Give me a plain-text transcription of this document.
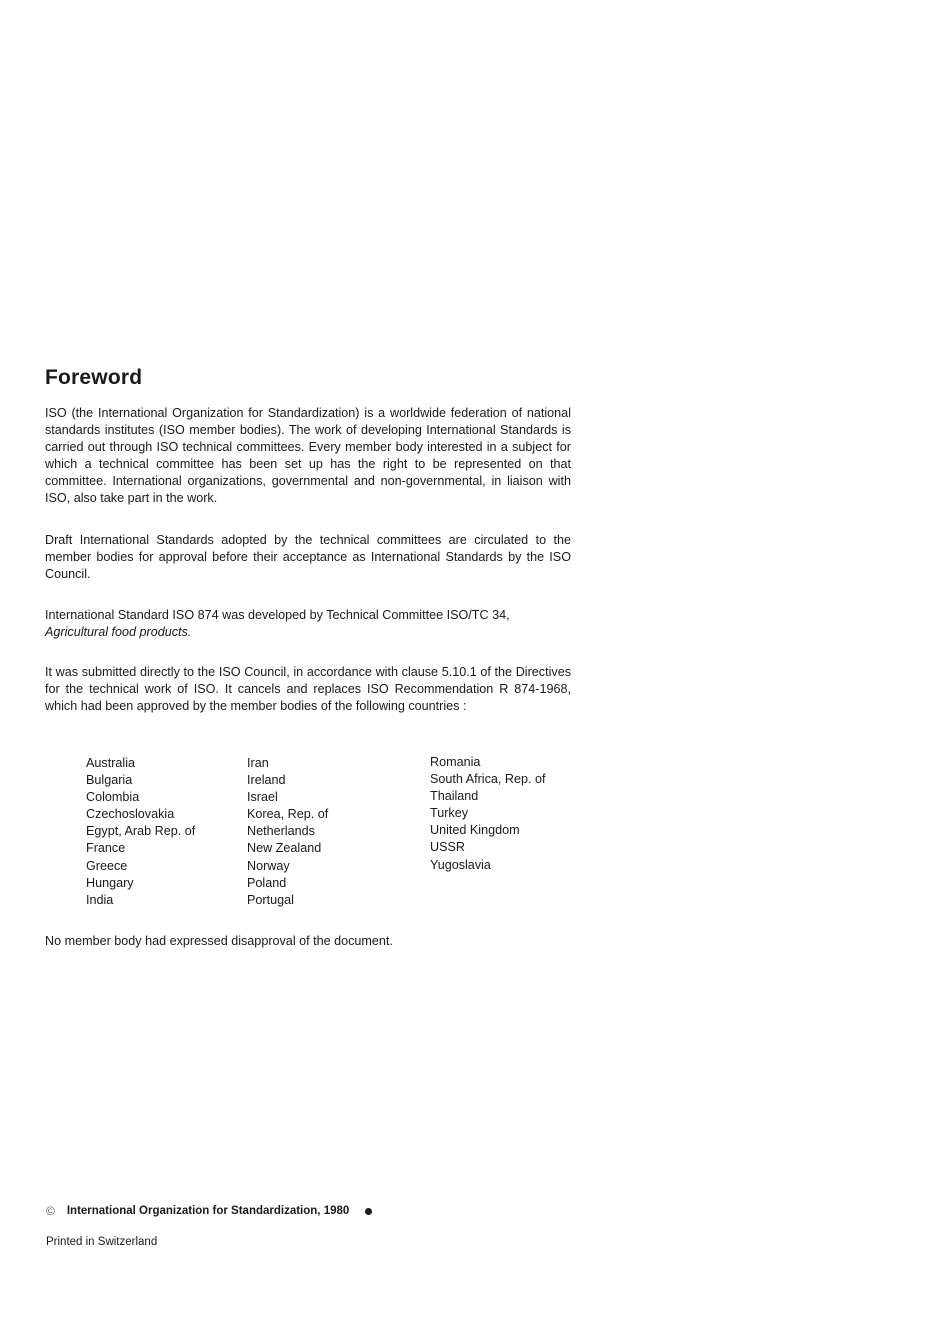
Foreword

ISO (the International Organization for Standardization) is a worldwide federation of national standards institutes (ISO member bodies). The work of developing International Standards is carried out through ISO technical committees. Every member body interested in a subject for which a technical committee has been set up has the right to be represented on that committee. International organizations, governmental and non-governmental, in liaison with ISO, also take part in the work.

Draft International Standards adopted by the technical committees are circulated to the member bodies for approval before their acceptance as International Standards by the ISO Council.

International Standard ISO 874 was developed by Technical Committee ISO/TC 34,
Agricultural food products.

It was submitted directly to the ISO Council, in accordance with clause 5.10.1 of the Directives for the technical work of ISO. It cancels and replaces ISO Recommendation R 874-1968, which had been approved by the member bodies of the following countries :

Australia
Bulgaria
Colombia
Czechoslovakia
Egypt, Arab Rep. of
France
Greece
Hungary
India
Iran
Ireland
Israel
Korea, Rep. of
Netherlands
New Zealand
Norway
Poland
Portugal
Romania
South Africa, Rep. of
Thailand
Turkey
United Kingdom
USSR
Yugoslavia

No member body had expressed disapproval of the document.

© International Organization for Standardization, 1980
Printed in Switzerland
